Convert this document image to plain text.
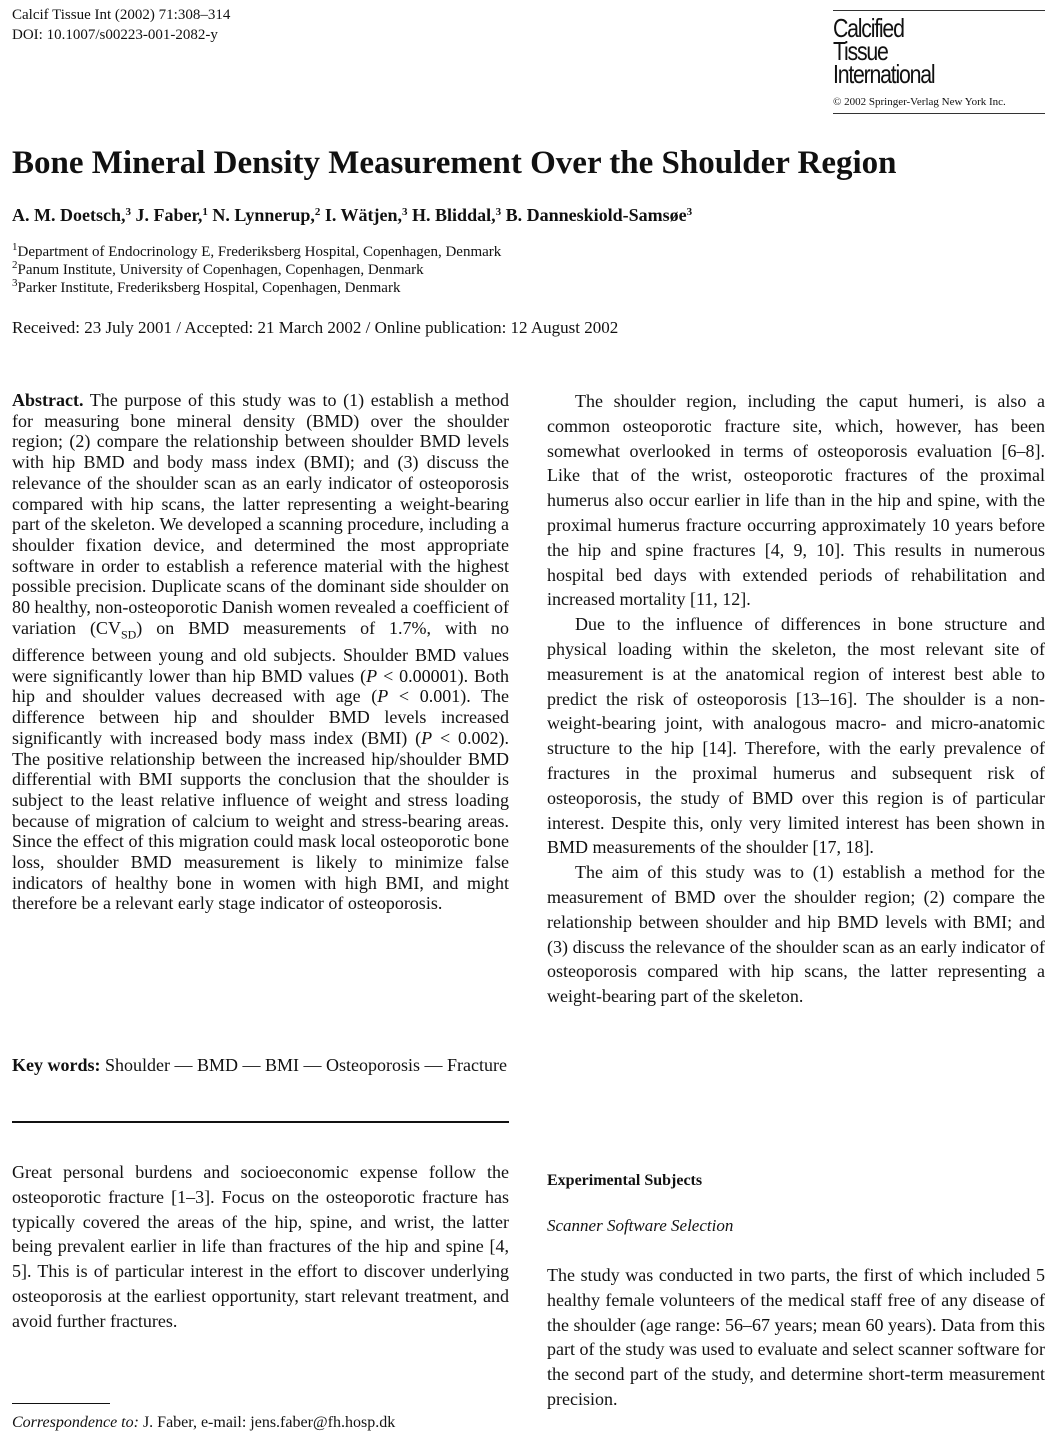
Calcif Tissue Int (2002) 71:308–314
DOI: 10.1007/s00223-001-2082-y	Calcified
Tissue
International
© 2002 Springer-Verlag New York Inc.
Bone Mineral Density Measurement Over the Shoulder Region
A. M. Doetsch,$^3$ J. Faber,$^1$ N. Lynnerup,$^2$ I. Wätjen,$^3$ H. Bliddal,$^3$ B. Danneskiold-Samsøe$^3$
$^1$Department of Endocrinology E, Frederiksberg Hospital, Copenhagen, Denmark
$^2$Panum Institute, University of Copenhagen, Copenhagen, Denmark
$^3$Parker Institute, Frederiksberg Hospital, Copenhagen, Denmark
Received: 23 July 2001 / Accepted: 21 March 2002 / Online publication: 12 August 2002
Abstract. The purpose of this study was to (1) establish a method for measuring bone mineral density (BMD) over the shoulder region; (2) compare the relationship between shoulder BMD levels with hip BMD and body mass index (BMI); and (3) discuss the relevance of the shoulder scan as an early indicator of osteoporosis compared with hip scans, the latter representing a weight-bearing part of the skeleton. We developed a scanning procedure, including a shoulder fixation device, and determined the most appropriate software in order to establish a reference material with the highest possible precision. Duplicate scans of the dominant side shoulder on 80 healthy, non-osteoporotic Danish women revealed a coefficient of variation $(CV_{SD})$ on BMD measurements of 1.7%, with no difference between young and old subjects. Shoulder BMD values were significantly lower than hip BMD values (P < 0.00001). Both hip and shoulder values decreased with age (P < 0.001). The difference between hip and shoulder BMD levels increased significantly with increased body mass index (BMI) (P < 0.002). The positive relationship between the increased hip/shoulder BMD differential with BMI supports the conclusion that the shoulder is subject to the least relative influence of weight and stress loading because of migration of calcium to weight and stress-bearing areas. Since the effect of this migration could mask local osteoporotic bone loss, shoulder BMD measurement is likely to minimize false indicators of healthy bone in women with high BMI, and might therefore be a relevant early stage indicator of osteoporosis.
Key words: Shoulder — BMD — BMI — Osteoporosis — Fracture
Great personal burdens and socioeconomic expense follow the osteoporotic fracture [1–3]. Focus on the osteoporotic fracture has typically covered the areas of the hip, spine, and wrist, the latter being prevalent earlier in life than fractures of the hip and spine [4, 5]. This is of particular interest in the effort to discover underlying osteoporosis at the earliest opportunity, start relevant treatment, and avoid further fractures.
Correspondence to: J. Faber, e-mail: jens.faber@fh.hosp.dk

The shoulder region, including the caput humeri, is also a common osteoporotic fracture site, which, however, has been somewhat overlooked in terms of osteoporosis evaluation [6–8]. Like that of the wrist, osteoporotic fractures of the proximal humerus also occur earlier in life than in the hip and spine, with the proximal humerus fracture occurring approximately 10 years before the hip and spine fractures [4, 9, 10]. This results in numerous hospital bed days with extended periods of rehabilitation and increased mortality [11, 12].

Due to the influence of differences in bone structure and physical loading within the skeleton, the most relevant site of measurement is at the anatomical region of interest best able to predict the risk of osteoporosis [13–16]. The shoulder is a non-weight-bearing joint, with analogous macro- and micro-anatomic structure to the hip [14]. Therefore, with the early prevalence of fractures in the proximal humerus and subsequent risk of osteoporosis, the study of BMD over this region is of particular interest. Despite this, only very limited interest has been shown in BMD measurements of the shoulder [17, 18].

The aim of this study was to (1) establish a method for the measurement of BMD over the shoulder region; (2) compare the relationship between shoulder and hip BMD levels with BMI; and (3) discuss the relevance of the shoulder scan as an early indicator of osteoporosis compared with hip scans, the latter representing a weight-bearing part of the skeleton.

Experimental Subjects
Scanner Software Selection

The study was conducted in two parts, the first of which included 5 healthy female volunteers of the medical staff free of any disease of the shoulder (age range: 56–67 years; mean 60 years). Data from this part of the study was used to evaluate and select scanner software for the second part of the study, and determine short-term measurement precision.
